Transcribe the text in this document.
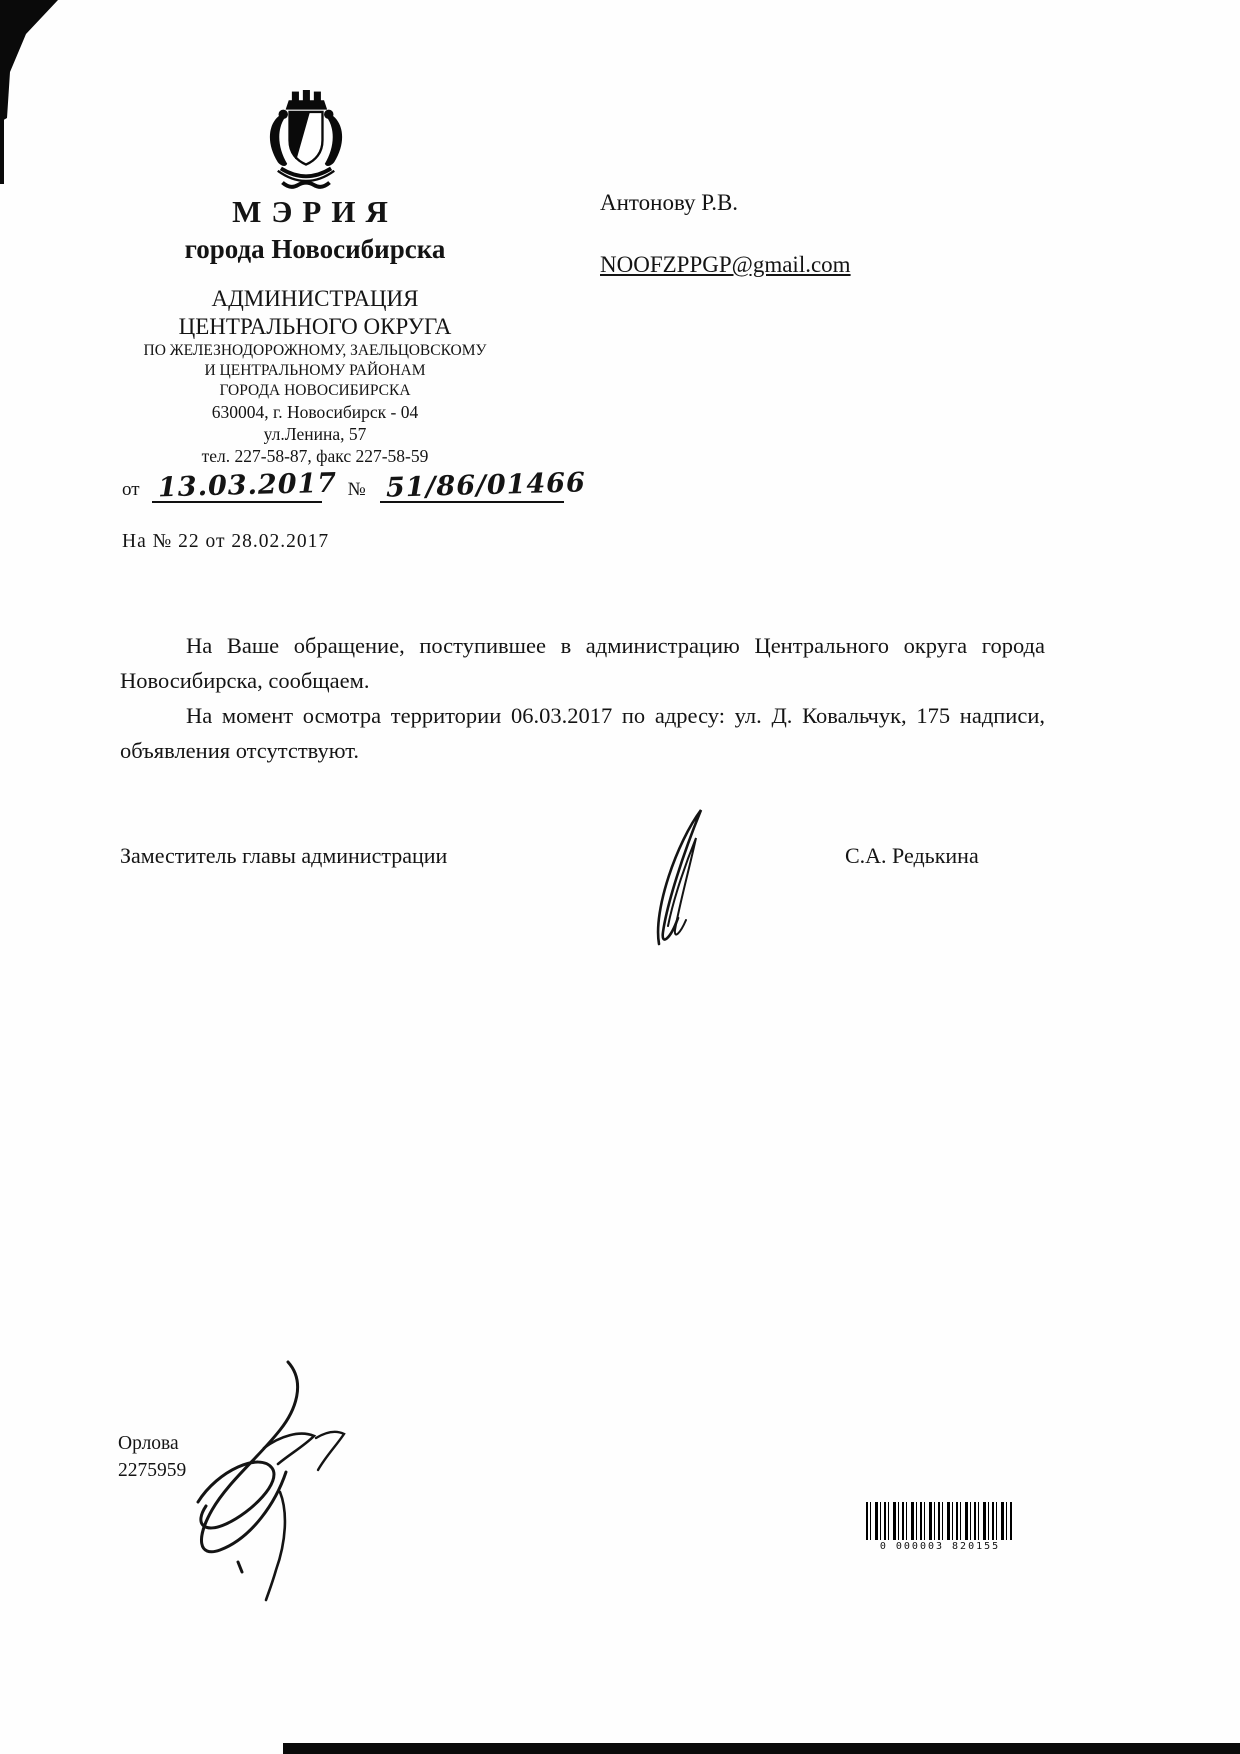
МЭРИЯ
города Новосибирска
АДМИНИСТРАЦИЯ
ЦЕНТРАЛЬНОГО ОКРУГА
ПО ЖЕЛЕЗНОДОРОЖНОМУ, ЗАЕЛЬЦОВСКОМУ
И ЦЕНТРАЛЬНОМУ РАЙОНАМ
ГОРОДА НОВОСИБИРСКА
630004, г. Новосибирск - 04
ул.Ленина, 57
тел. 227-58-87, факс 227-58-59
от 13.03.2017 № 51/86/01466
На № 22 от 28.02.2017
Антонову Р.В.
NOOFZPPGP@gmail.com

На Ваше обращение, поступившее в администрацию Центрального округа города Новосибирска, сообщаем.

На момент осмотра территории 06.03.2017 по адресу: ул. Д. Ковальчук, 175 надписи, объявления отсутствуют.

Заместитель главы администрации	С.А. Редькина
Орлова
2275959
0 000003 820155
